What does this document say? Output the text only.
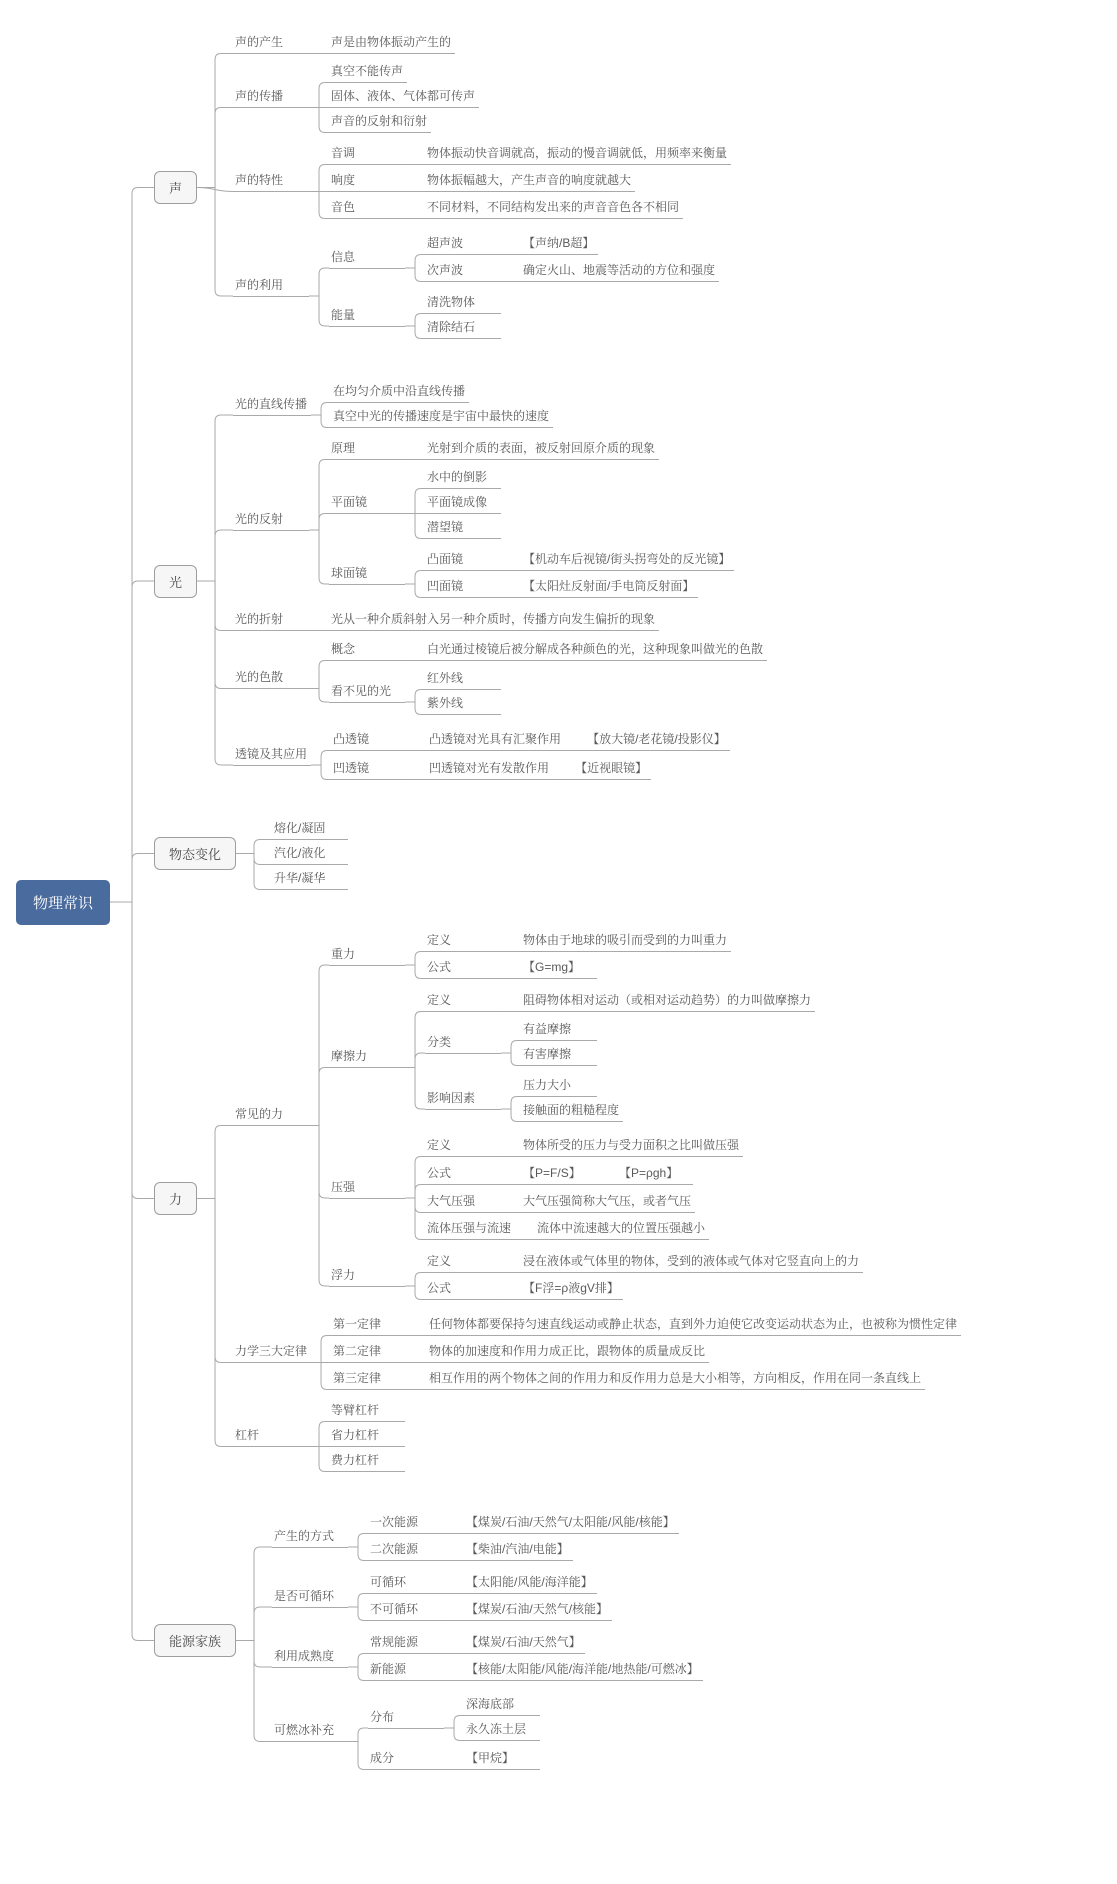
物理常识
声
声的产生	声是由物体振动产生的
声的传播
真空不能传声
固体、液体、气体都可传声
声音的反射和衍射
声的特性
音调	物体振动快音调就高，振动的慢音调就低，用频率来衡量
响度	物体振幅越大，产生声音的响度就越大
音色	不同材料，不同结构发出来的声音音色各不相同
声的利用
信息
超声波	【声纳/B超】
次声波	确定火山、地震等活动的方位和强度
能量
清洗物体
清除结石
光
光的直线传播
在均匀介质中沿直线传播
真空中光的传播速度是宇宙中最快的速度
光的反射
原理	光射到介质的表面，被反射回原介质的现象
平面镜
水中的倒影
平面镜成像
潜望镜
球面镜
凸面镜	【机动车后视镜/街头拐弯处的反光镜】
凹面镜	【太阳灶反射面/手电筒反射面】
光的折射	光从一种介质斜射入另一种介质时，传播方向发生偏折的现象
光的色散
概念	白光通过棱镜后被分解成各种颜色的光，这种现象叫做光的色散
看不见的光
红外线
紫外线
透镜及其应用
凸透镜	凸透镜对光具有汇聚作用	【放大镜/老花镜/投影仪】
凹透镜	凹透镜对光有发散作用	【近视眼镜】
物态变化
熔化/凝固
汽化/液化
升华/凝华
力
常见的力
重力
定义	物体由于地球的吸引而受到的力叫重力
公式	【G=mg】
摩擦力
定义	阻碍物体相对运动（或相对运动趋势）的力叫做摩擦力
分类
有益摩擦
有害摩擦
影响因素
压力大小
接触面的粗糙程度
压强
定义	物体所受的压力与受力面积之比叫做压强
公式	【P=F/S】	【P=ρgh】
大气压强	大气压强简称大气压，或者气压
流体压强与流速	流体中流速越大的位置压强越小
浮力
定义	浸在液体或气体里的物体，受到的液体或气体对它竖直向上的力
公式	【F浮=ρ液gV排】
力学三大定律
第一定律	任何物体都要保持匀速直线运动或静止状态，直到外力迫使它改变运动状态为止，也被称为惯性定律
第二定律	物体的加速度和作用力成正比，跟物体的质量成反比
第三定律	相互作用的两个物体之间的作用力和反作用力总是大小相等，方向相反，作用在同一条直线上
杠杆
等臂杠杆
省力杠杆
费力杠杆
能源家族
产生的方式
一次能源	【煤炭/石油/天然气/太阳能/风能/核能】
二次能源	【柴油/汽油/电能】
是否可循环
可循环	【太阳能/风能/海洋能】
不可循环	【煤炭/石油/天然气/核能】
利用成熟度
常规能源	【煤炭/石油/天然气】
新能源	【核能/太阳能/风能/海洋能/地热能/可燃冰】
可燃冰补充
分布
深海底部
永久冻土层
成分	【甲烷】
